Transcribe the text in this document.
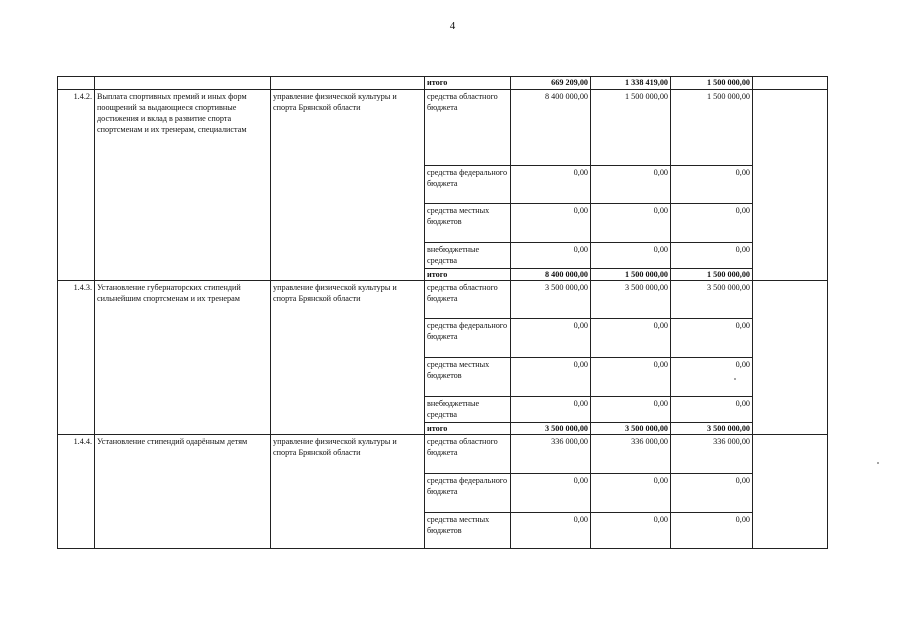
4
			итого	669 209,00	1 338 419,00	1 500 000,00	
1.4.2.	Выплата спортивных премий и иных форм поощрений за выдающиеся спортивные достижения и вклад в развитие спорта спортсменам и их тренерам, специалистам	управление физической культуры и спорта Брянской области	средства областного бюджета	8 400 000,00	1 500 000,00	1 500 000,00	
			средства федерального бюджета	0,00	0,00	0,00	
			средства местных бюджетов	0,00	0,00	0,00	
			внебюджетные средства	0,00	0,00	0,00	
			итого	8 400 000,00	1 500 000,00	1 500 000,00	
1.4.3.	Установление губернаторских стипендий сильнейшим спортсменам и их тренерам	управление физической культуры и спорта Брянской области	средства областного бюджета	3 500 000,00	3 500 000,00	3 500 000,00	
			средства федерального бюджета	0,00	0,00	0,00	
			средства местных бюджетов	0,00	0,00	0,00	
			внебюджетные средства	0,00	0,00	0,00	
			итого	3 500 000,00	3 500 000,00	3 500 000,00	
1.4.4.	Установление стипендий одарённым детям	управление физической культуры и спорта Брянской области	средства областного бюджета	336 000,00	336 000,00	336 000,00	
			средства федерального бюджета	0,00	0,00	0,00	
			средства местных бюджетов	0,00	0,00	0,00	
